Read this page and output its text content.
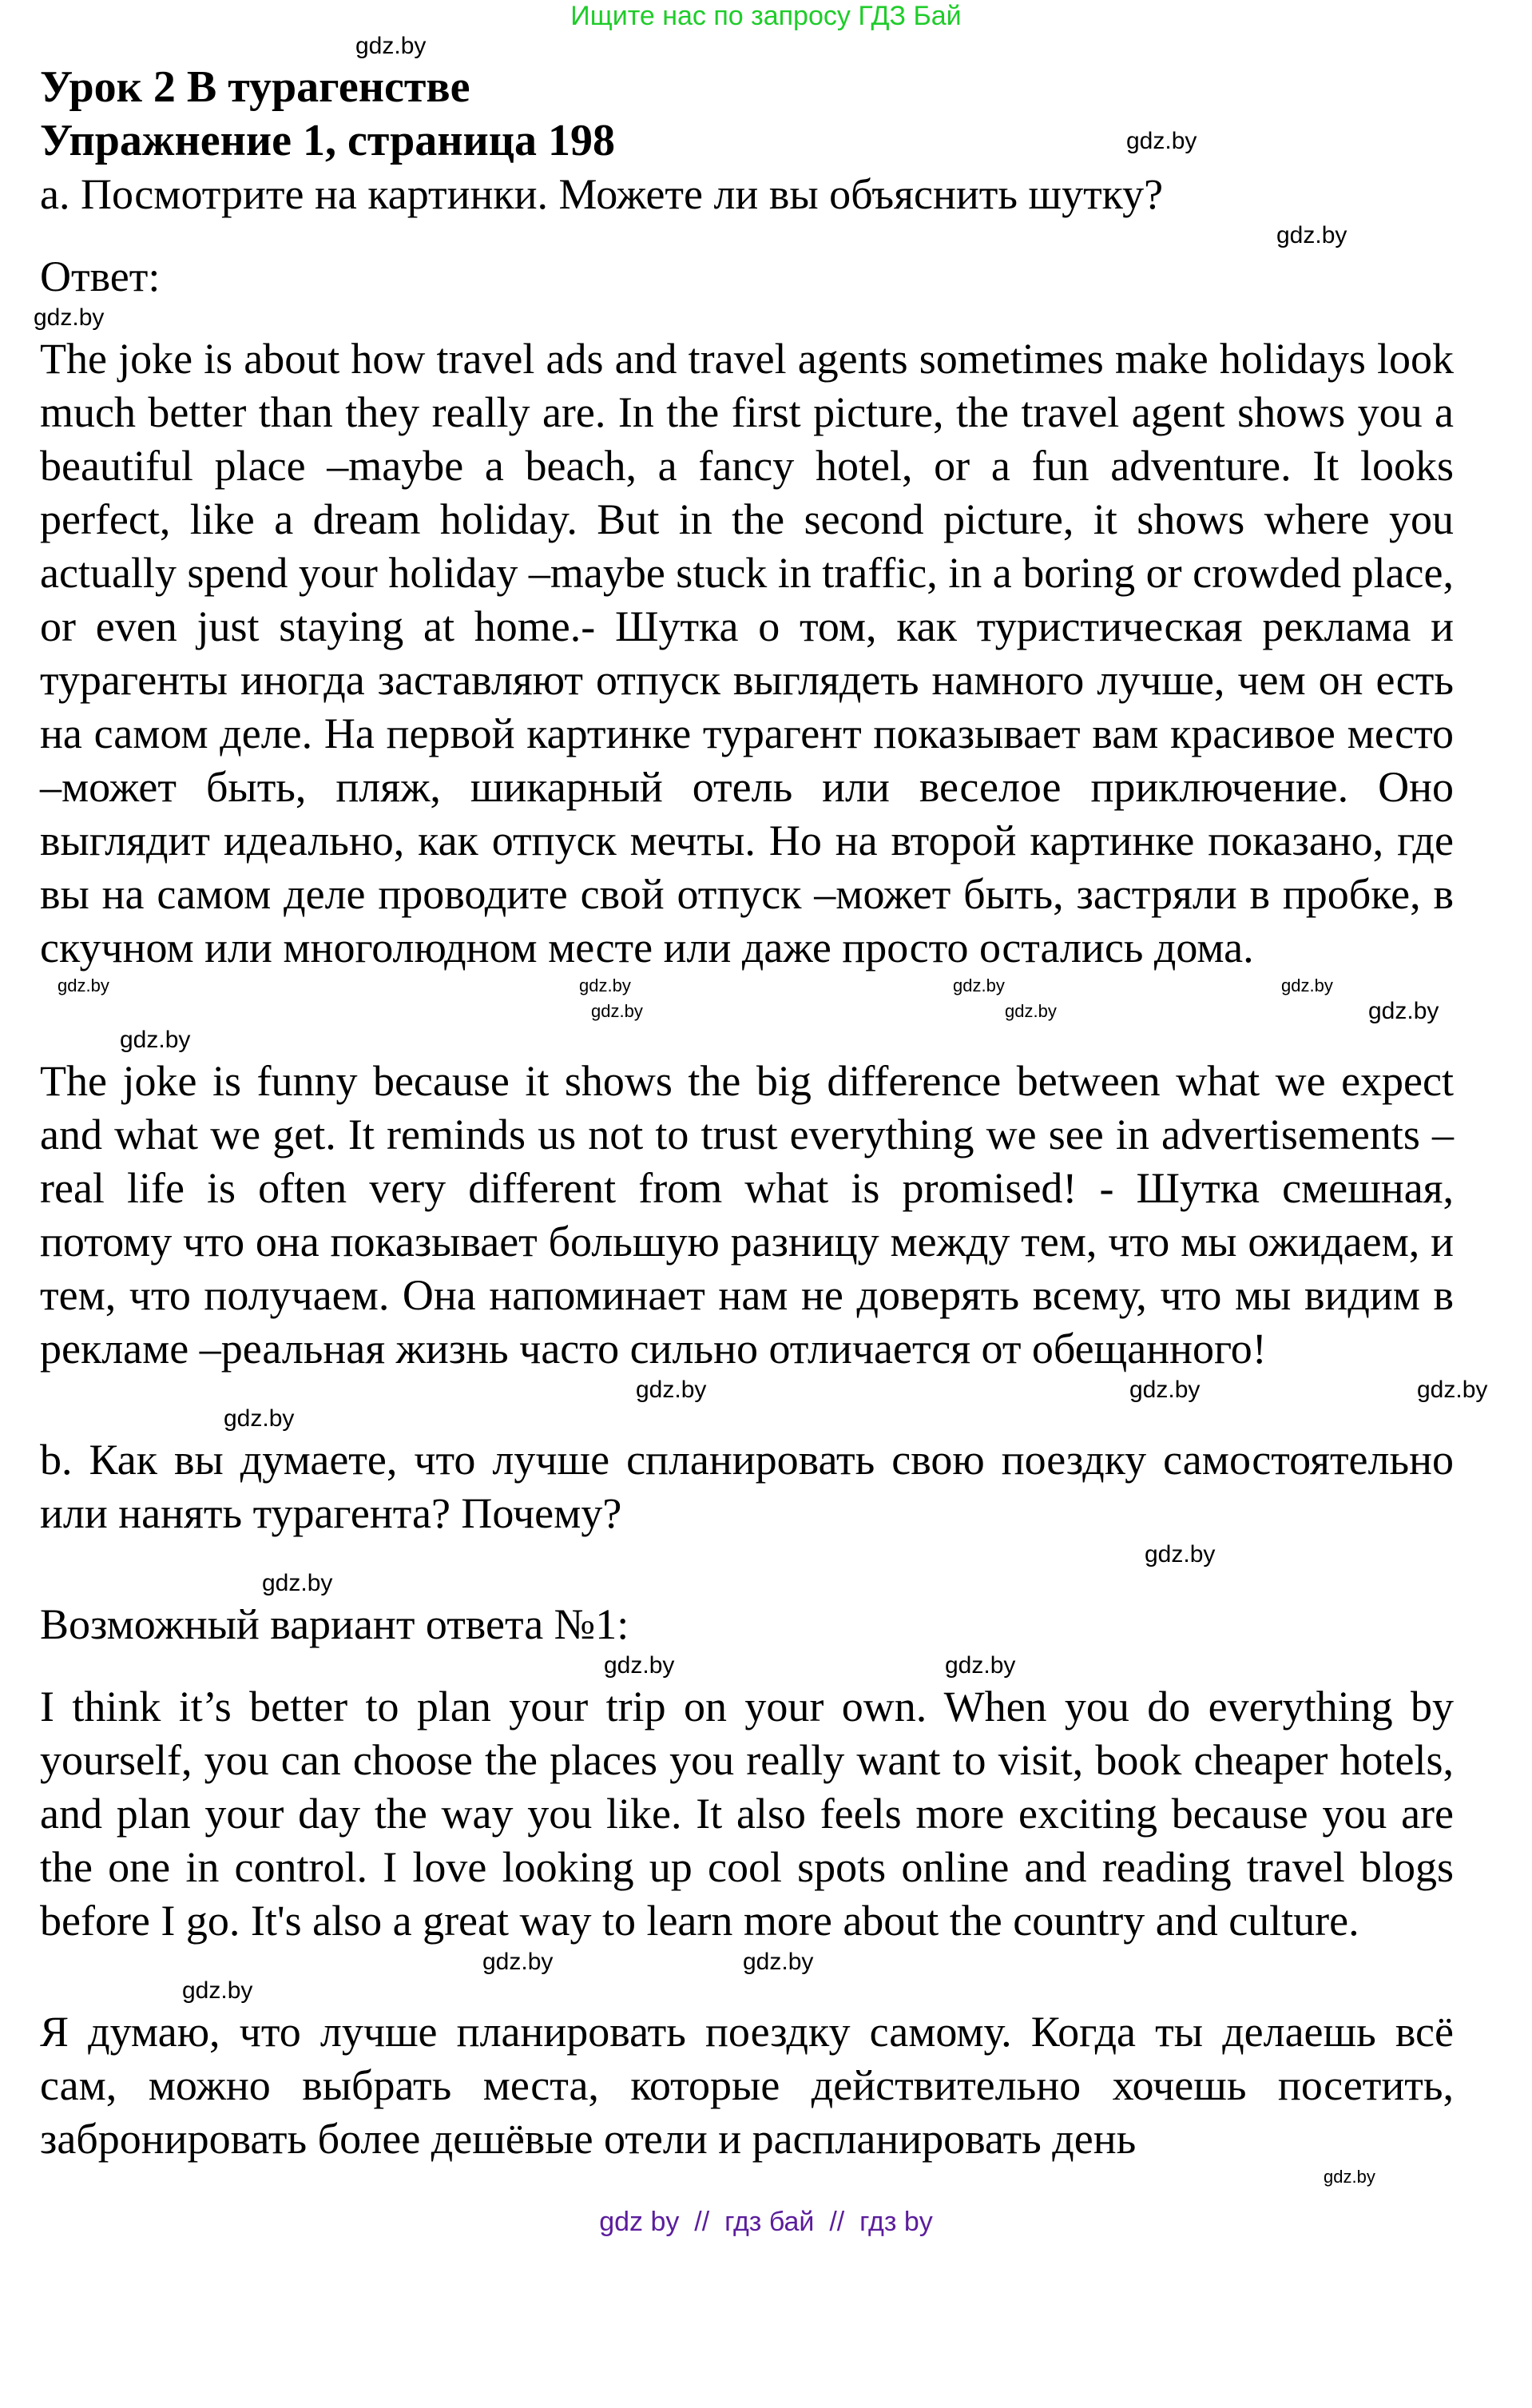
Ищите нас по запросу ГДЗ Бай
gdz.by
Урок 2 В турагенстве
Упражнение 1, страница 198	gdz.by
а. Посмотрите на картинки. Можете ли вы объяснить шутку?
gdz.by
Ответ:
gdz.by
The joke is about how travel ads and travel agents sometimes make holidays look much better than they really are. In the first picture, the travel agent shows you a beautiful place –maybe a beach, a fancy hotel, or a fun adventure. It looks perfect, like a dream holiday. But in the second picture, it shows where you actually spend your holiday –maybe stuck in traffic, in a boring or crowded place, or even just staying at home.- Шутка о том, как туристическая реклама и турагенты иногда заставляют отпуск выглядеть намного лучше, чем он есть на самом деле. На первой картинке турагент показывает вам красивое место –может быть, пляж, шикарный отель или веселое приключение. Оно выглядит идеально, как отпуск мечты. Но на второй картинке показано, где вы на самом деле проводите свой отпуск –может быть, застряли в пробке, в скучном или многолюдном месте или даже просто остались дома.
gdz.by	gdz.by	gdz.by	gdz.by
gdz.by	gdz.by	gdz.by
gdz.by
The joke is funny because it shows the big difference between what we expect and what we get. It reminds us not to trust everything we see in advertisements –real life is often very different from what is promised! - Шутка смешная, потому что она показывает большую разницу между тем, что мы ожидаем, и тем, что получаем. Она напоминает нам не доверять всему, что мы видим в рекламе –реальная жизнь часто сильно отличается от обещанного!
gdz.by	gdz.by	gdz.by
gdz.by
b. Как вы думаете, что лучше спланировать свою поездку самостоятельно или нанять турагента? Почему?
gdz.by
gdz.by
Возможный вариант ответа №1:
gdz.by	gdz.by
I think it’s better to plan your trip on your own. When you do everything by yourself, you can choose the places you really want to visit, book cheaper hotels, and plan your day the way you like. It also feels more exciting because you are the one in control. I love looking up cool spots online and reading travel blogs before I go. It's also a great way to learn more about the country and culture.
gdz.by	gdz.by
gdz.by
Я думаю, что лучше планировать поездку самому. Когда ты делаешь всё сам, можно выбрать места, которые действительно хочешь посетить, забронировать более дешёвые отели и распланировать день
gdz.by
gdz by  //  гдз бай  //  гдз by
